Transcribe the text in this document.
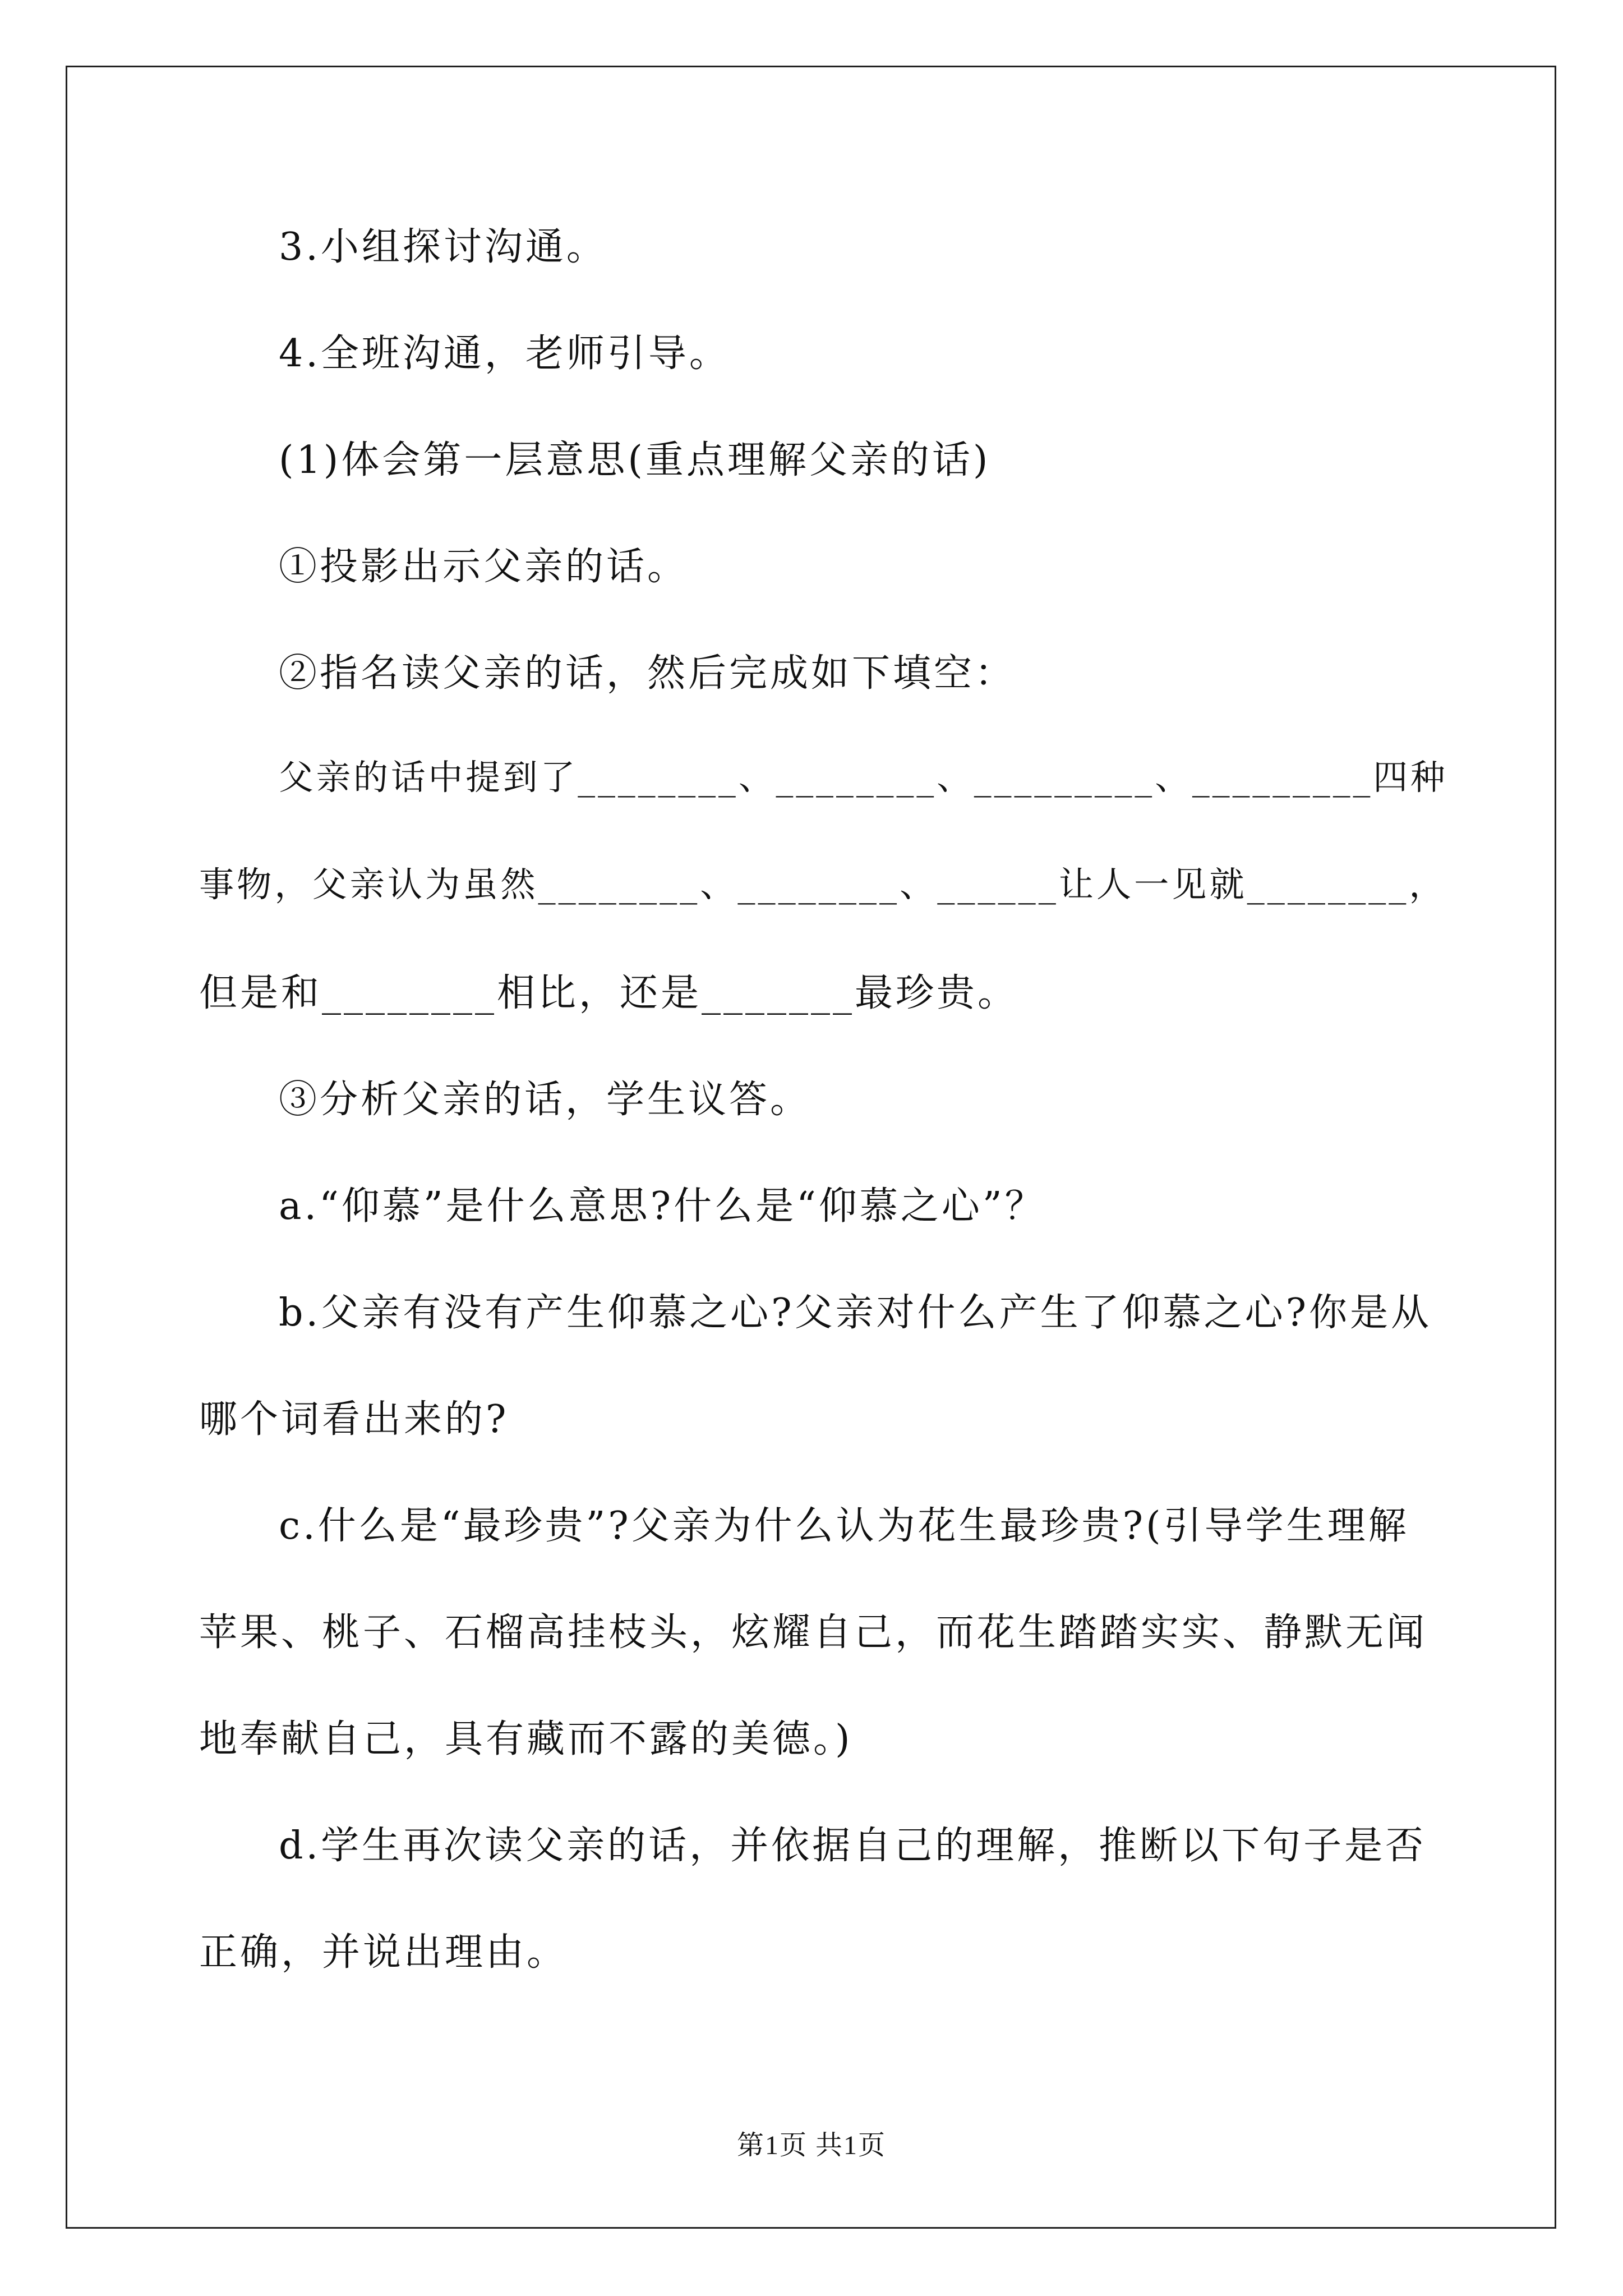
3.小组探讨沟通。
4.全班沟通，老师引导。
(1)体会第一层意思(重点理解父亲的话)
①投影出示父亲的话。
②指名读父亲的话，然后完成如下填空：
父亲的话中提到了________、________、_________、_________四种
事物，父亲认为虽然________、________、______让人一见就________，
但是和________相比，还是_______最珍贵。
③分析父亲的话，学生议答。
a.“仰慕”是什么意思?什么是“仰慕之心”？
b.父亲有没有产生仰慕之心?父亲对什么产生了仰慕之心?你是从
哪个词看出来的?
c.什么是“最珍贵”?父亲为什么认为花生最珍贵?(引导学生理解
苹果、桃子、石榴高挂枝头，炫耀自己，而花生踏踏实实、静默无闻
地奉献自己，具有藏而不露的美德。)
d.学生再次读父亲的话，并依据自己的理解，推断以下句子是否
正确，并说出理由。
第1页 共1页
